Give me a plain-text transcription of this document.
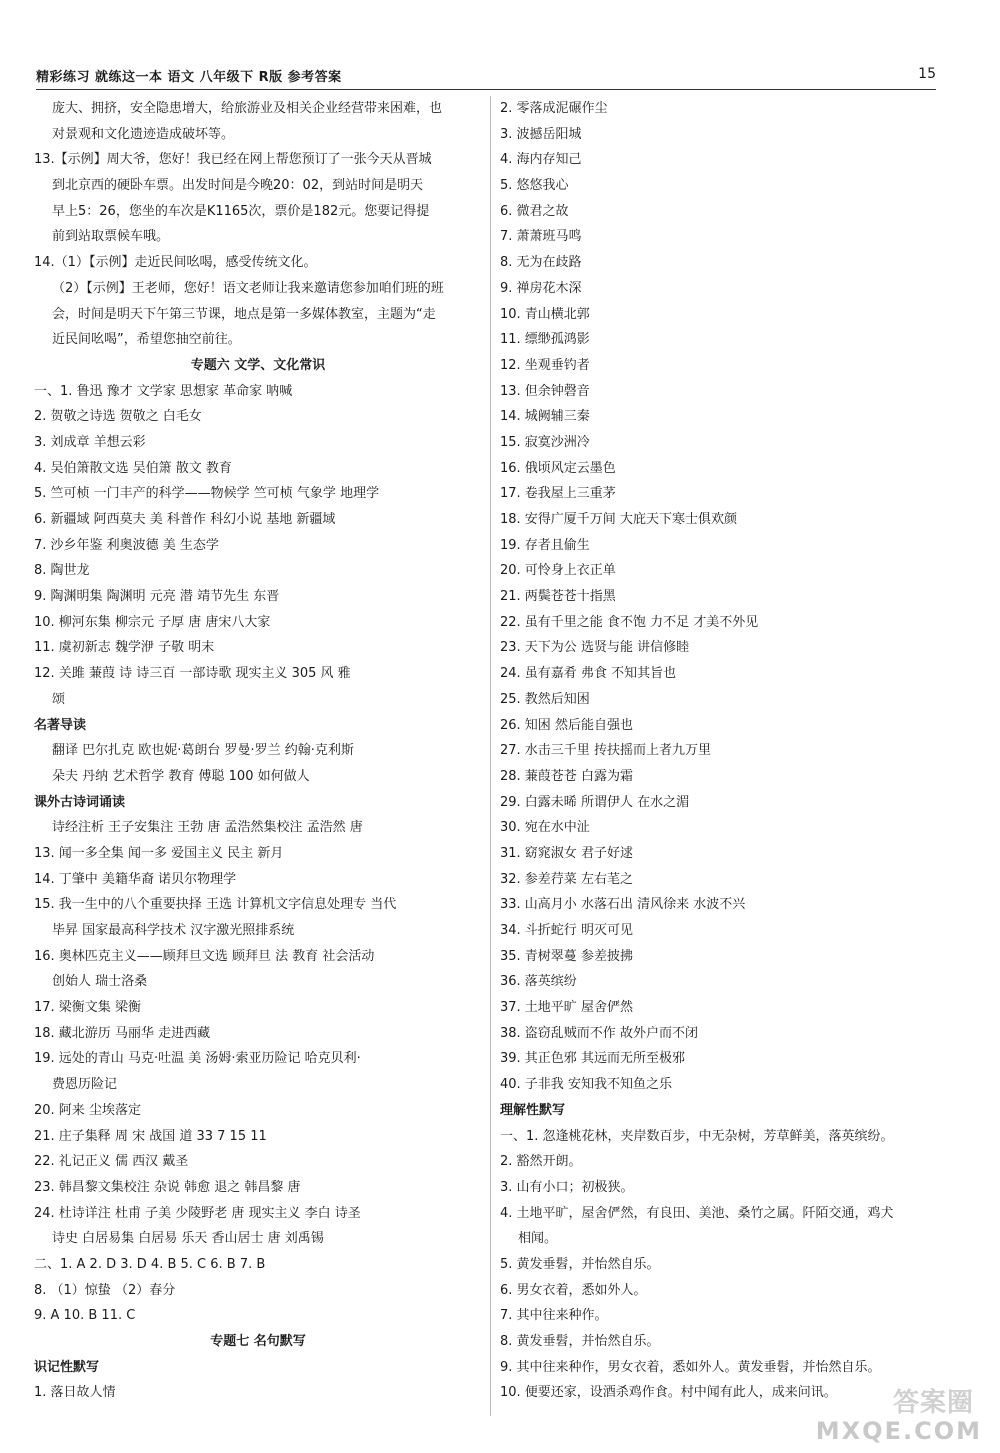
精彩练习 就练这一本 语文 八年级下 R版 参考答案	15
庞大、拥挤，安全隐患增大，给旅游业及相关企业经营带来困难，也
对景观和文化遗迹造成破坏等。
13.【示例】周大爷，您好！我已经在网上帮您预订了一张今天从晋城
到北京西的硬卧车票。出发时间是今晚20：02，到站时间是明天
早上5：26，您坐的车次是K1165次，票价是182元。您要记得提
前到站取票候车哦。
14.（1）【示例】走近民间吆喝，感受传统文化。
（2）【示例】王老师，您好！语文老师让我来邀请您参加咱们班的班
会，时间是明天下午第三节课，地点是第一多媒体教室，主题为“走
近民间吆喝”，希望您抽空前往。
专题六 文学、文化常识
一、1. 鲁迅 豫才 文学家 思想家 革命家 呐喊
2. 贺敬之诗选 贺敬之 白毛女
3. 刘成章 羊想云彩
4. 吴伯箫散文选 吴伯箫 散文 教育
5. 竺可桢 一门丰产的科学——物候学 竺可桢 气象学 地理学
6. 新疆域 阿西莫夫 美 科普作 科幻小说 基地 新疆域
7. 沙乡年鉴 利奥波德 美 生态学
8. 陶世龙
9. 陶渊明集 陶渊明 元亮 潜 靖节先生 东晋
10. 柳河东集 柳宗元 子厚 唐 唐宋八大家
11. 虞初新志 魏学洢 子敬 明末
12. 关雎 蒹葭 诗 诗三百 一部诗歌 现实主义 305 风 雅
颂
名著导读
翻译 巴尔扎克 欧也妮·葛朗台 罗曼·罗兰 约翰·克利斯
朵夫 丹纳 艺术哲学 教育 傅聪 100 如何做人
课外古诗词诵读
诗经注析 王子安集注 王勃 唐 孟浩然集校注 孟浩然 唐
13. 闻一多全集 闻一多 爱国主义 民主 新月
14. 丁肇中 美籍华裔 诺贝尔物理学
15. 我一生中的八个重要抉择 王选 计算机文字信息处理专 当代
毕昇 国家最高科学技术 汉字激光照排系统
16. 奥林匹克主义——顾拜旦文选 顾拜旦 法 教育 社会活动
创始人 瑞士洛桑
17. 梁衡文集 梁衡
18. 藏北游历 马丽华 走进西藏
19. 远处的青山 马克·吐温 美 汤姆·索亚历险记 哈克贝利·
费恩历险记
20. 阿来 尘埃落定
21. 庄子集释 周 宋 战国 道 33 7 15 11
22. 礼记正义 儒 西汉 戴圣
23. 韩昌黎文集校注 杂说 韩愈 退之 韩昌黎 唐
24. 杜诗详注 杜甫 子美 少陵野老 唐 现实主义 李白 诗圣
诗史 白居易集 白居易 乐天 香山居士 唐 刘禹锡
二、1. A 2. D 3. D 4. B 5. C 6. B 7. B
8. （1）惊蛰 （2）春分
9. A 10. B 11. C
专题七 名句默写
识记性默写
1. 落日故人情
2. 零落成泥碾作尘
3. 波撼岳阳城
4. 海内存知己
5. 悠悠我心
6. 微君之故
7. 萧萧班马鸣
8. 无为在歧路
9. 禅房花木深
10. 青山横北郭
11. 缥缈孤鸿影
12. 坐观垂钓者
13. 但余钟磬音
14. 城阙辅三秦
15. 寂寞沙洲冷
16. 俄顷风定云墨色
17. 卷我屋上三重茅
18. 安得广厦千万间 大庇天下寒士俱欢颜
19. 存者且偷生
20. 可怜身上衣正单
21. 两鬓苍苍十指黑
22. 虽有千里之能 食不饱 力不足 才美不外见
23. 天下为公 选贤与能 讲信修睦
24. 虽有嘉肴 弗食 不知其旨也
25. 教然后知困
26. 知困 然后能自强也
27. 水击三千里 抟扶摇而上者九万里
28. 蒹葭苍苍 白露为霜
29. 白露未晞 所谓伊人 在水之湄
30. 宛在水中沚
31. 窈窕淑女 君子好逑
32. 参差荇菜 左右芼之
33. 山高月小 水落石出 清风徐来 水波不兴
34. 斗折蛇行 明灭可见
35. 青树翠蔓 参差披拂
36. 落英缤纷
37. 土地平旷 屋舍俨然
38. 盗窃乱贼而不作 故外户而不闭
39. 其正色邪 其远而无所至极邪
40. 子非我 安知我不知鱼之乐
理解性默写
一、1. 忽逢桃花林，夹岸数百步，中无杂树，芳草鲜美，落英缤纷。
2. 豁然开朗。
3. 山有小口；初极狭。
4. 土地平旷，屋舍俨然，有良田、美池、桑竹之属。阡陌交通，鸡犬
相闻。
5. 黄发垂髫，并怡然自乐。
6. 男女衣着，悉如外人。
7. 其中往来种作。
8. 黄发垂髫，并怡然自乐。
9. 其中往来种作，男女衣着，悉如外人。黄发垂髫，并怡然自乐。
10. 便要还家，设酒杀鸡作食。村中闻有此人，成来问讯。	答案圈
MXQE.COM
